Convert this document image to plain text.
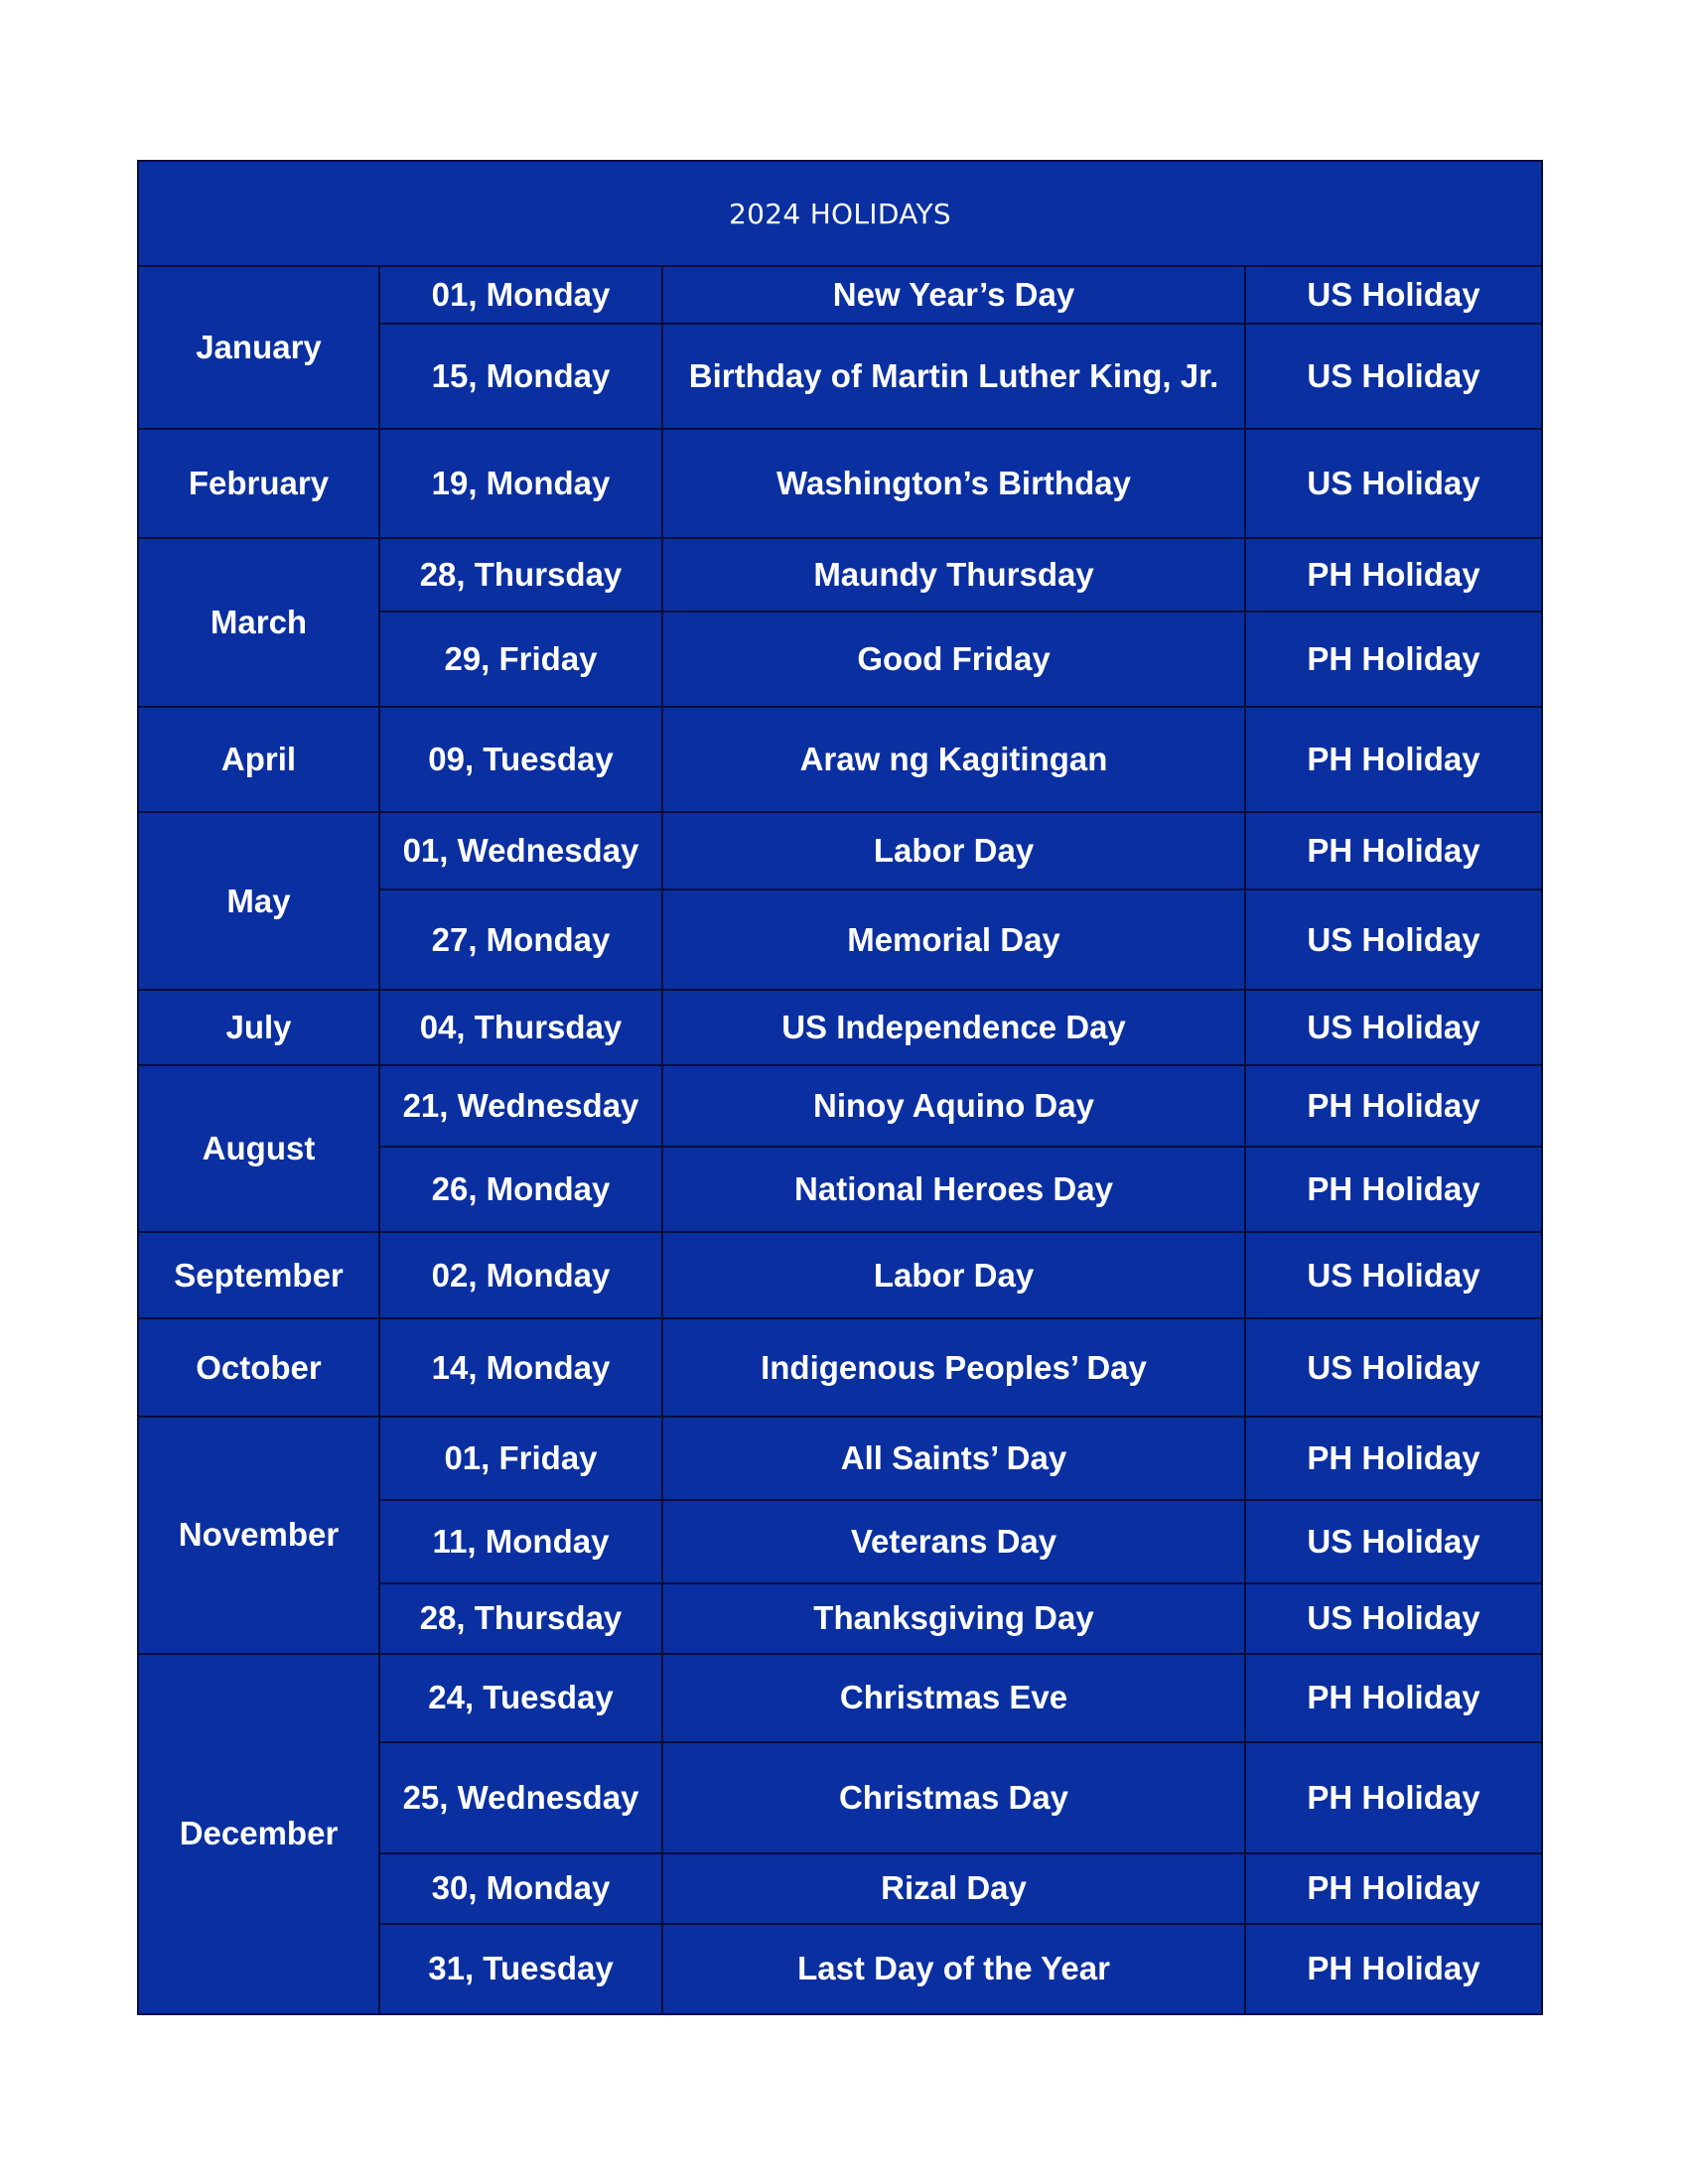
2024 HOLIDAYS			
January	01, Monday	New Year’s Day	US Holiday
	15, Monday	Birthday of Martin Luther King, Jr.	US Holiday
February	19, Monday	Washington’s Birthday	US Holiday
March	28, Thursday	Maundy Thursday	PH Holiday
	29, Friday	Good Friday	PH Holiday
April	09, Tuesday	Araw ng Kagitingan	PH Holiday
May	01, Wednesday	Labor Day	PH Holiday
	27, Monday	Memorial Day	US Holiday
July	04, Thursday	US Independence Day	US Holiday
August	21, Wednesday	Ninoy Aquino Day	PH Holiday
	26, Monday	National Heroes Day	PH Holiday
September	02, Monday	Labor Day	US Holiday
October	14, Monday	Indigenous Peoples’ Day	US Holiday
November	01, Friday	All Saints’ Day	PH Holiday
	11, Monday	Veterans Day	US Holiday
	28, Thursday	Thanksgiving Day	US Holiday
December	24, Tuesday	Christmas Eve	PH Holiday
	25, Wednesday	Christmas Day	PH Holiday
	30, Monday	Rizal Day	PH Holiday
	31, Tuesday	Last Day of the Year	PH Holiday
